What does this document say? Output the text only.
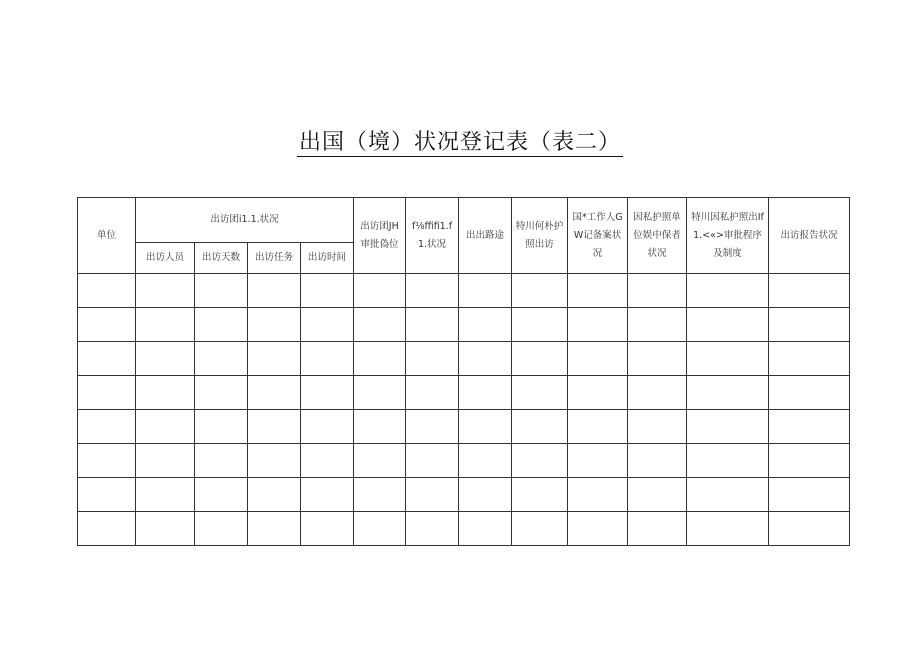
出国（境）状况登记表（表二）
单位	出访团i1.1.状况				出访团JH审批偽位	f⅛ffifi1.f1.状况	出出路途	特川何朴护照出访	国*工作人GW记备案状况	因私护照单位娱中保者状况	特川因私护照出If1.<«>审批程序及制度	出访报告状况

	出访人员	出访天数	出访任务	出访时间								
